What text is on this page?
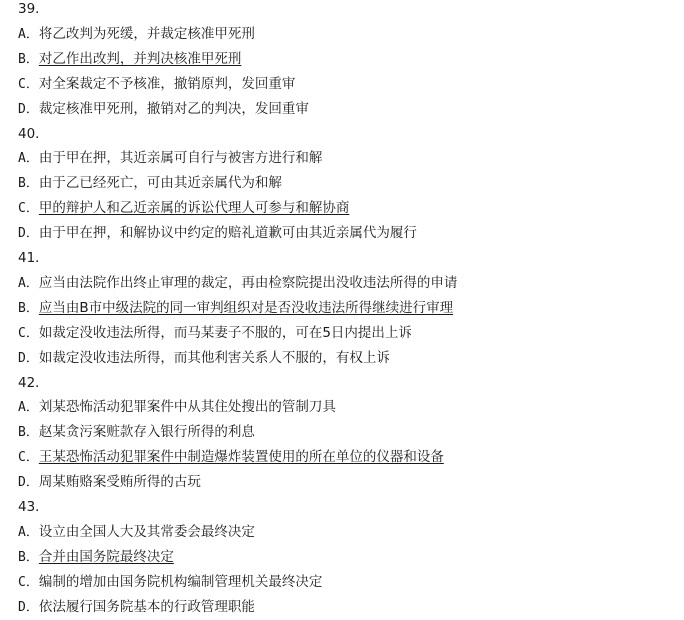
39．
A．将乙改判为死缓，并裁定核准甲死刑
B．对乙作出改判，并判决核准甲死刑
C．对全案裁定不予核准，撤销原判，发回重审
D．裁定核准甲死刑，撤销对乙的判决，发回重审
40．
A．由于甲在押，其近亲属可自行与被害方进行和解
B．由于乙已经死亡，可由其近亲属代为和解
C．甲的辩护人和乙近亲属的诉讼代理人可参与和解协商
D．由于甲在押，和解协议中约定的赔礼道歉可由其近亲属代为履行
41．
A．应当由法院作出终止审理的裁定，再由检察院提出没收违法所得的申请
B．应当由B市中级法院的同一审判组织对是否没收违法所得继续进行审理
C．如裁定没收违法所得，而马某妻子不服的，可在5日内提出上诉
D．如裁定没收违法所得，而其他利害关系人不服的，有权上诉
42．
A．刘某恐怖活动犯罪案件中从其住处搜出的管制刀具
B．赵某贪污案赃款存入银行所得的利息
C．王某恐怖活动犯罪案件中制造爆炸装置使用的所在单位的仪器和设备
D．周某贿赂案受贿所得的古玩
43．
A．设立由全国人大及其常委会最终决定
B．合并由国务院最终决定
C．编制的增加由国务院机构编制管理机关最终决定
D．依法履行国务院基本的行政管理职能
